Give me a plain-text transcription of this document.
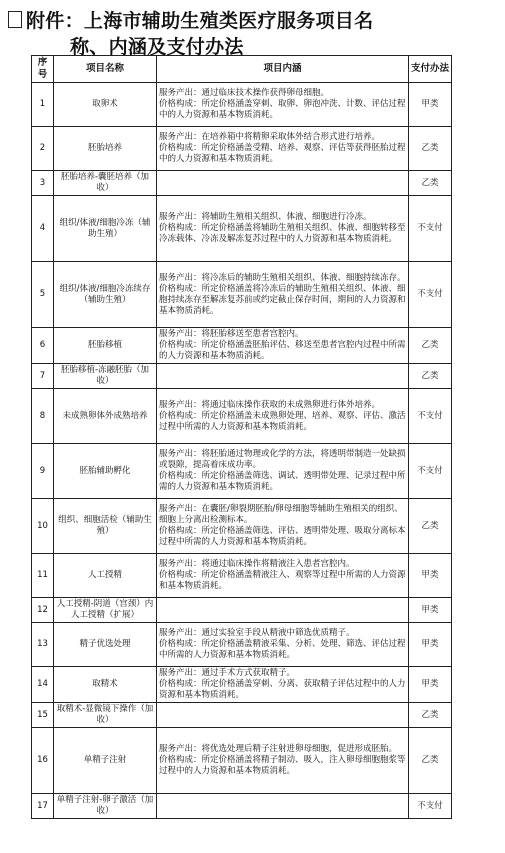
附件：上海市辅助生殖类医疗服务项目名
称、内涵及支付办法
序号	项目名称	项目内涵	支付办法
1	取卵术	服务产出：通过临床技术操作获得卵母细胞。
价格构成：所定价格涵盖穿刺、取卵、卵泡冲洗、计数、评估过程中的人力资源和基本物质消耗。	甲类
2	胚胎培养	服务产出：在培养箱中将精卵采取体外结合形式进行培养。
价格构成：所定价格涵盖受精、培养、观察、评估等获得胚胎过程中的人力资源和基本物质消耗。	乙类
3	胚胎培养-囊胚培养（加收）		乙类
4	组织/体液/细胞冷冻（辅助生殖）	服务产出：将辅助生殖相关组织、体液、细胞进行冷冻。
价格构成：所定价格涵盖将辅助生殖相关组织、体液、细胞转移至冷冻载体、冷冻及解冻复苏过程中的人力资源和基本物质消耗。	不支付
5	组织/体液/细胞冷冻续存（辅助生殖）	服务产出：将冷冻后的辅助生殖相关组织、体液、细胞持续冻存。
价格构成：所定价格涵盖将冷冻后的辅助生殖相关组织、体液、细胞持续冻存至解冻复苏前或约定截止保存时间，期间的人力资源和基本物质消耗。	不支付
6	胚胎移植	服务产出：将胚胎移送至患者宫腔内。
价格构成：所定价格涵盖胚胎评估、移送至患者宫腔内过程中所需的人力资源和基本物质消耗。	乙类
7	胚胎移植-冻融胚胎（加收）		乙类
8	未成熟卵体外成熟培养	服务产出：将通过临床操作获取的未成熟卵进行体外培养。
价格构成：所定价格涵盖未成熟卵处理、培养、观察、评估、激活过程中所需的人力资源和基本物质消耗。	不支付
9	胚胎辅助孵化	服务产出：将胚胎通过物理或化学的方法，将透明带制造一处缺损或裂隙，提高着床成功率。
价格构成：所定价格涵盖筛选、调试、透明带处理、记录过程中所需的人力资源和基本物质消耗。	不支付
10	组织、细胞活检（辅助生殖）	服务产出：在囊胚/卵裂期胚胎/卵母细胞等辅助生殖相关的组织、细胞上分离出检测标本。
价格构成：所定价格涵盖筛选、评估、透明带处理、吸取分离标本过程中所需的人力资源和基本物质消耗。	乙类
11	人工授精	服务产出：将通过临床操作将精液注入患者宫腔内。
价格构成：所定价格涵盖精液注入、观察等过程中所需的人力资源和基本物质消耗。	甲类
12	人工授精-阴道（宫颈）内人工授精（扩展）		甲类
13	精子优选处理	服务产出：通过实验室手段从精液中筛选优质精子。
价格构成：所定价格涵盖精液采集、分析、处理、筛选、评估过程中所需的人力资源和基本物质消耗。	甲类
14	取精术	服务产出：通过手术方式获取精子。
价格构成：所定价格涵盖穿刺、分离、获取精子评估过程中的人力资源和基本物质消耗。	甲类
15	取精术-显微镜下操作（加收）		乙类
16	单精子注射	服务产出：将优选处理后精子注射进卵母细胞，促进形成胚胎。
价格构成：所定价格涵盖将精子制动、吸入，注入卵母细胞胞浆等过程中的人力资源和基本物质消耗。	乙类
17	单精子注射-卵子激活（加收）		不支付
